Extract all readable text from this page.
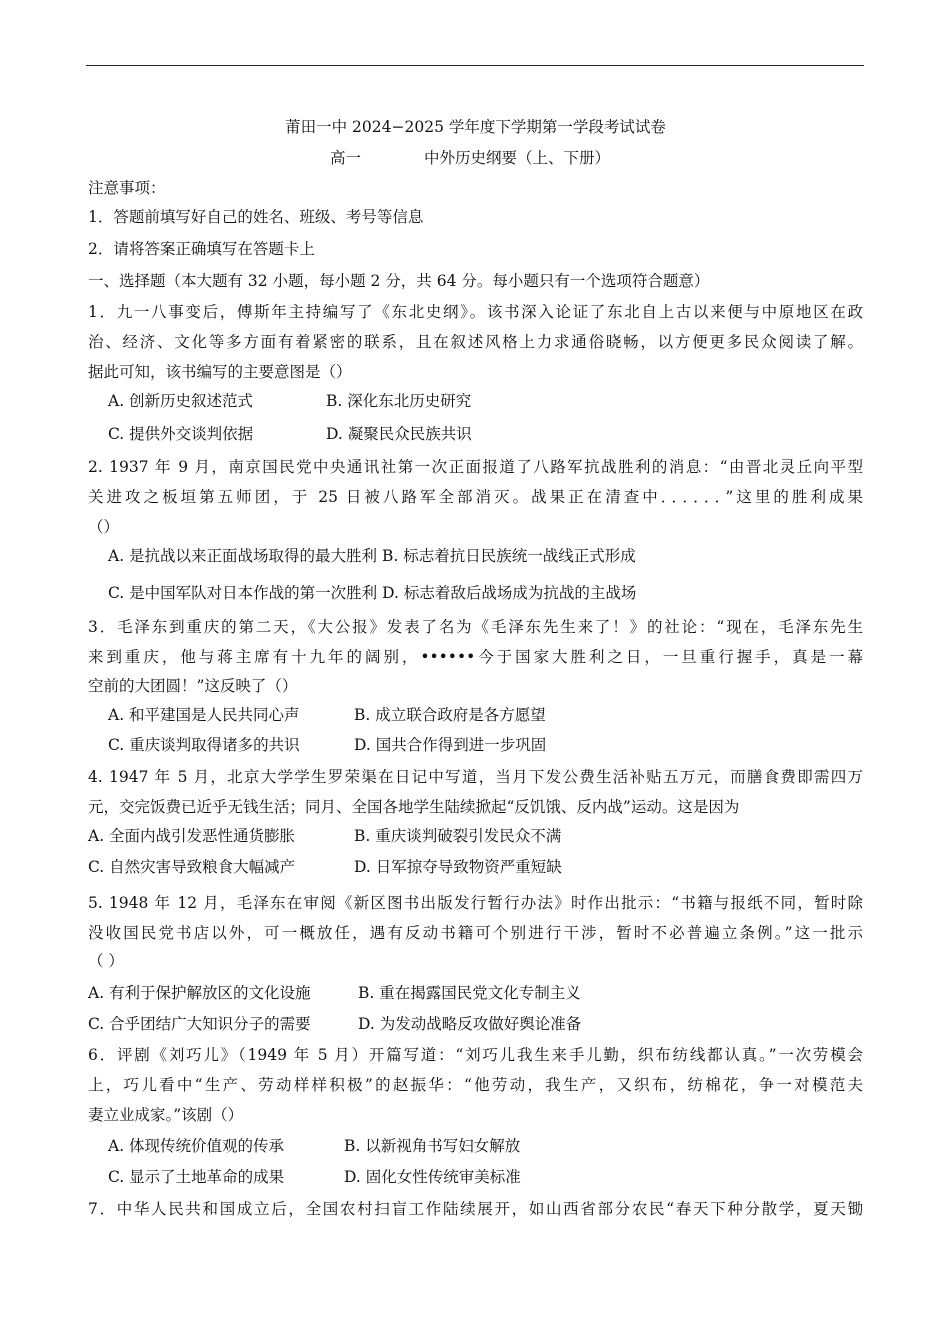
莆田一中 2024−2025 学年度下学期第一学段考试试卷
高一	中外历史纲要（上、下册）
注意事项：
1．答题前填写好自己的姓名、班级、考号等信息
2．请将答案正确填写在答题卡上
一、选择题（本大题有 32 小题，每小题 2 分，共 64 分。每小题只有一个选项符合题意）
1．九一八事变后，傅斯年主持编写了《东北史纲》。该书深入论证了东北自上古以来便与中原地区在政
治、经济、文化等多方面有着紧密的联系，且在叙述风格上力求通俗晓畅，以方便更多民众阅读了解。
据此可知，该书编写的主要意图是（）
A. 创新历史叙述范式	B. 深化东北历史研究
C. 提供外交谈判依据	D. 凝聚民众民族共识
2. 1937 年 9 月，南京国民党中央通讯社第一次正面报道了八路军抗战胜利的消息：“由晋北灵丘向平型
关进攻之板垣第五师团，于 25 日被八路军全部消灭。战果正在清查中．．．．．．”这里的胜利成果
（）
A. 是抗战以来正面战场取得的最大胜利 B. 标志着抗日民族统一战线正式形成
C. 是中国军队对日本作战的第一次胜利 D. 标志着敌后战场成为抗战的主战场
3．毛泽东到重庆的第二天，《大公报》发表了名为《毛泽东先生来了！》的社论：“现在，毛泽东先生
来到重庆，他与蒋主席有十九年的阔别，••••••今于国家大胜利之日，一旦重行握手，真是一幕
空前的大团圆！”这反映了（）
A. 和平建国是人民共同心声	B. 成立联合政府是各方愿望
C. 重庆谈判取得诸多的共识	D. 国共合作得到进一步巩固
4. 1947 年 5 月，北京大学学生罗荣渠在日记中写道，当月下发公费生活补贴五万元，而膳食费即需四万
元，交完饭费已近乎无钱生活；同月、全国各地学生陆续掀起“反饥饿、反内战”运动。这是因为
A. 全面内战引发恶性通货膨胀	B. 重庆谈判破裂引发民众不满
C. 自然灾害导致粮食大幅减产	D. 日军掠夺导致物资严重短缺
5. 1948 年 12 月，毛泽东在审阅《新区图书出版发行暂行办法》时作出批示：“书籍与报纸不同，暂时除
没收国民党书店以外，可一概放任，遇有反动书籍可个别进行干涉，暂时不必普遍立条例。”这一批示
（ ）
A. 有利于保护解放区的文化设施	B. 重在揭露国民党文化专制主义
C. 合乎团结广大知识分子的需要	D. 为发动战略反攻做好舆论准备
6．评剧《刘巧儿》（1949 年 5 月）开篇写道：“刘巧儿我生来手儿勤，织布纺线都认真。”一次劳模会
上，巧儿看中“生产、劳动样样积极”的赵振华：“他劳动，我生产，又织布，纺棉花，争一对模范夫
妻立业成家。”该剧（）
A. 体现传统价值观的传承	B. 以新视角书写妇女解放
C. 显示了土地革命的成果	D. 固化女性传统审美标准
7．中华人民共和国成立后，全国农村扫盲工作陆续展开，如山西省部分农民“春天下种分散学，夏天锄
